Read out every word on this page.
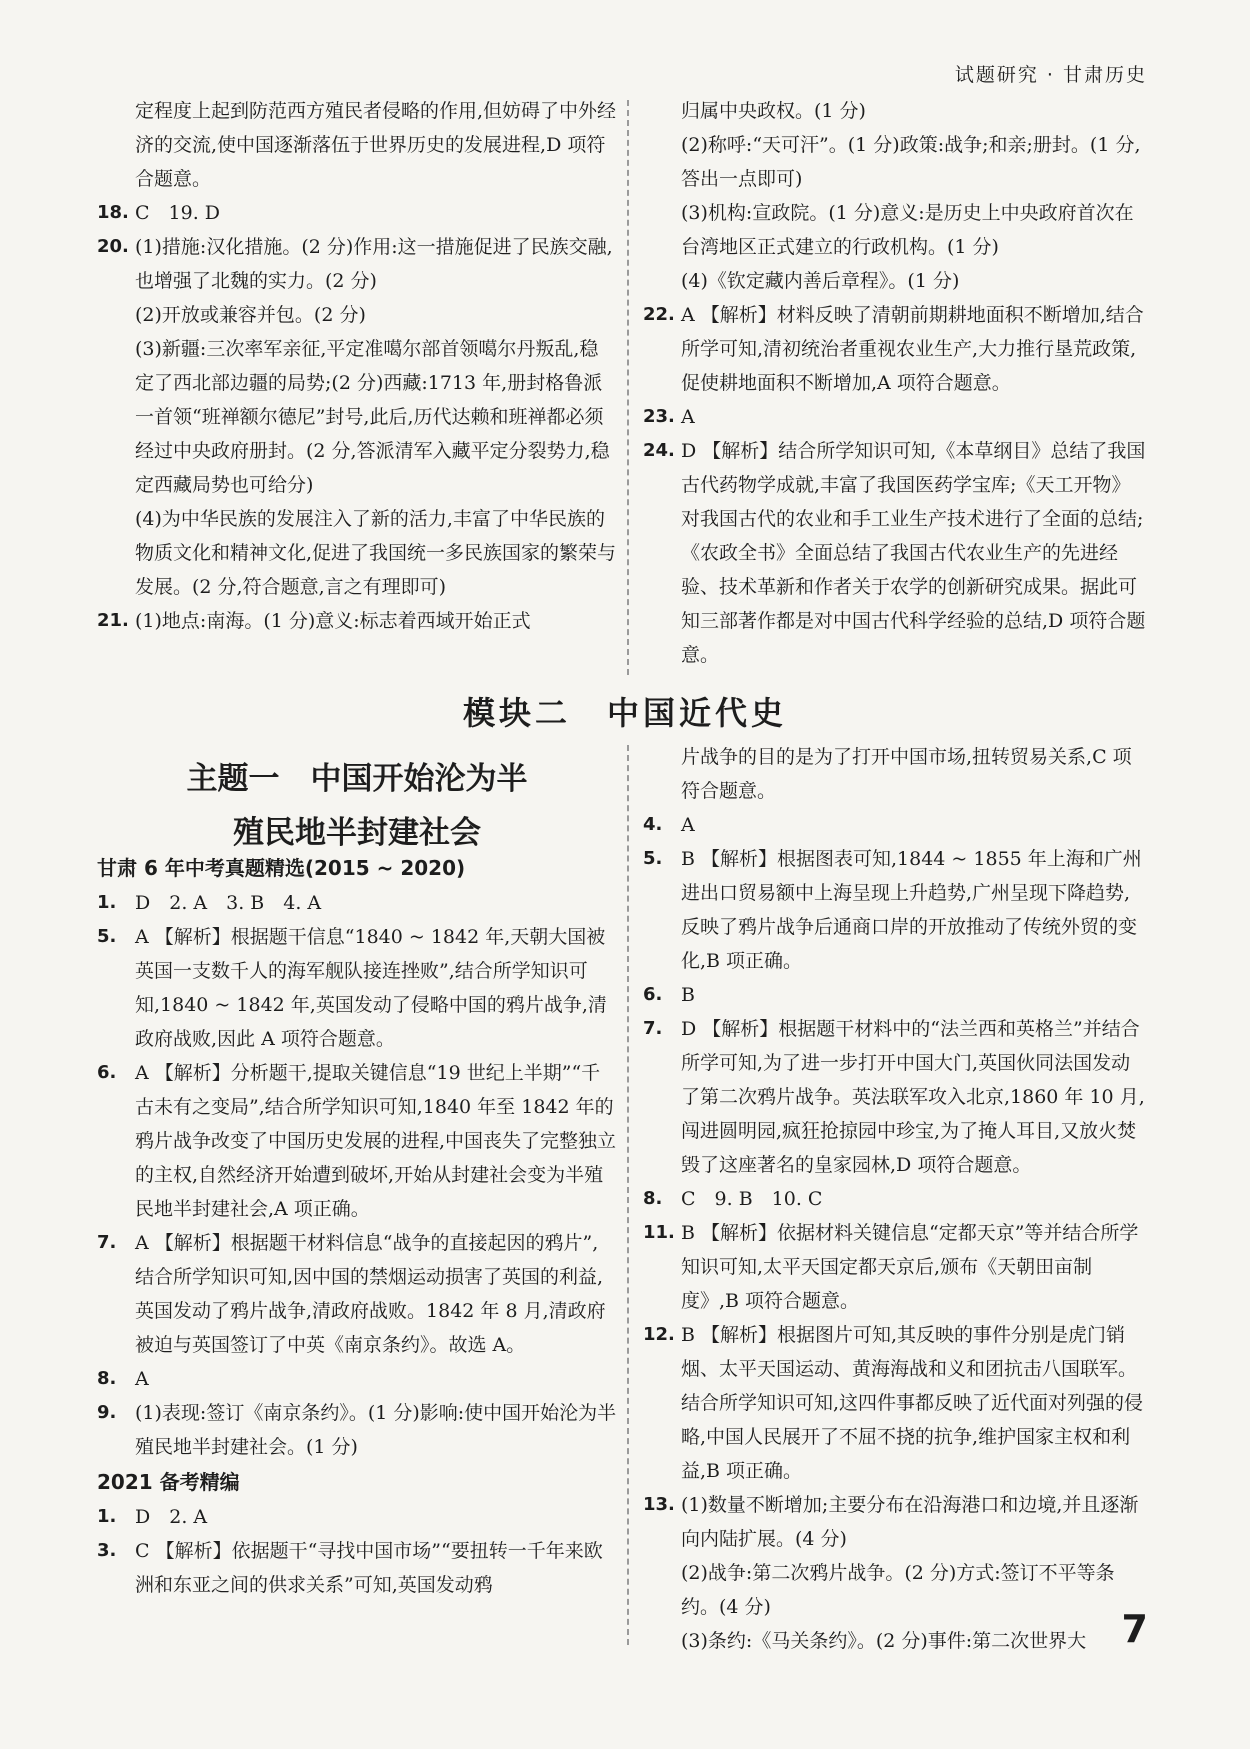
试题研究 · 甘肃历史
定程度上起到防范西方殖民者侵略的作用,但妨碍了中外经济的交流,使中国逐渐落伍于世界历史的发展进程,D 项符合题意。
18. C　19. D
20. (1)措施:汉化措施。(2 分)作用:这一措施促进了民族交融,也增强了北魏的实力。(2 分)
(2)开放或兼容并包。(2 分)
(3)新疆:三次率军亲征,平定准噶尔部首领噶尔丹叛乱,稳定了西北部边疆的局势;(2 分)西藏:1713 年,册封格鲁派一首领“班禅额尔德尼”封号,此后,历代达赖和班禅都必须经过中央政府册封。(2 分,答派清军入藏平定分裂势力,稳定西藏局势也可给分)
(4)为中华民族的发展注入了新的活力,丰富了中华民族的物质文化和精神文化,促进了我国统一多民族国家的繁荣与发展。(2 分,符合题意,言之有理即可)
21. (1)地点:南海。(1 分)意义:标志着西域开始正式
归属中央政权。(1 分)
(2)称呼:“天可汗”。(1 分)政策:战争;和亲;册封。(1 分,答出一点即可)
(3)机构:宣政院。(1 分)意义:是历史上中央政府首次在台湾地区正式建立的行政机构。(1 分)
(4)《钦定藏内善后章程》。(1 分)
22. A 【解析】材料反映了清朝前期耕地面积不断增加,结合所学可知,清初统治者重视农业生产,大力推行垦荒政策,促使耕地面积不断增加,A 项符合题意。
23. A
24. D 【解析】结合所学知识可知,《本草纲目》总结了我国古代药物学成就,丰富了我国医药学宝库;《天工开物》对我国古代的农业和手工业生产技术进行了全面的总结;《农政全书》全面总结了我国古代农业生产的先进经验、技术革新和作者关于农学的创新研究成果。据此可知三部著作都是对中国古代科学经验的总结,D 项符合题意。
模块二　中国近代史
主题一　中国开始沦为半
殖民地半封建社会
甘肃 6 年中考真题精选(2015 ~ 2020)
1. D　2. A　3. B　4. A
5. A 【解析】根据题干信息“1840 ~ 1842 年,天朝大国被英国一支数千人的海军舰队接连挫败”,结合所学知识可知,1840 ~ 1842 年,英国发动了侵略中国的鸦片战争,清政府战败,因此 A 项符合题意。
6. A 【解析】分析题干,提取关键信息“19 世纪上半期”“千古未有之变局”,结合所学知识可知,1840 年至 1842 年的鸦片战争改变了中国历史发展的进程,中国丧失了完整独立的主权,自然经济开始遭到破坏,开始从封建社会变为半殖民地半封建社会,A 项正确。
7. A 【解析】根据题干材料信息“战争的直接起因的鸦片”,结合所学知识可知,因中国的禁烟运动损害了英国的利益,英国发动了鸦片战争,清政府战败。1842 年 8 月,清政府被迫与英国签订了中英《南京条约》。故选 A。
8. A
9. (1)表现:签订《南京条约》。(1 分)影响:使中国开始沦为半殖民地半封建社会。(1 分)
2021 备考精编
1. D　2. A
3. C 【解析】依据题干“寻找中国市场”“要扭转一千年来欧洲和东亚之间的供求关系”可知,英国发动鸦
片战争的目的是为了打开中国市场,扭转贸易关系,C 项符合题意。
4. A
5. B 【解析】根据图表可知,1844 ~ 1855 年上海和广州进出口贸易额中上海呈现上升趋势,广州呈现下降趋势,反映了鸦片战争后通商口岸的开放推动了传统外贸的变化,B 项正确。
6. B
7. D 【解析】根据题干材料中的“法兰西和英格兰”并结合所学可知,为了进一步打开中国大门,英国伙同法国发动了第二次鸦片战争。英法联军攻入北京,1860 年 10 月,闯进圆明园,疯狂抢掠园中珍宝,为了掩人耳目,又放火焚毁了这座著名的皇家园林,D 项符合题意。
8. C　9. B　10. C
11. B 【解析】依据材料关键信息“定都天京”等并结合所学知识可知,太平天国定都天京后,颁布《天朝田亩制度》,B 项符合题意。
12. B 【解析】根据图片可知,其反映的事件分别是虎门销烟、太平天国运动、黄海海战和义和团抗击八国联军。结合所学知识可知,这四件事都反映了近代面对列强的侵略,中国人民展开了不屈不挠的抗争,维护国家主权和利益,B 项正确。
13. (1)数量不断增加;主要分布在沿海港口和边境,并且逐渐向内陆扩展。(4 分)
(2)战争:第二次鸦片战争。(2 分)方式:签订不平等条约。(4 分)
(3)条约:《马关条约》。(2 分)事件:第二次世界大 7
